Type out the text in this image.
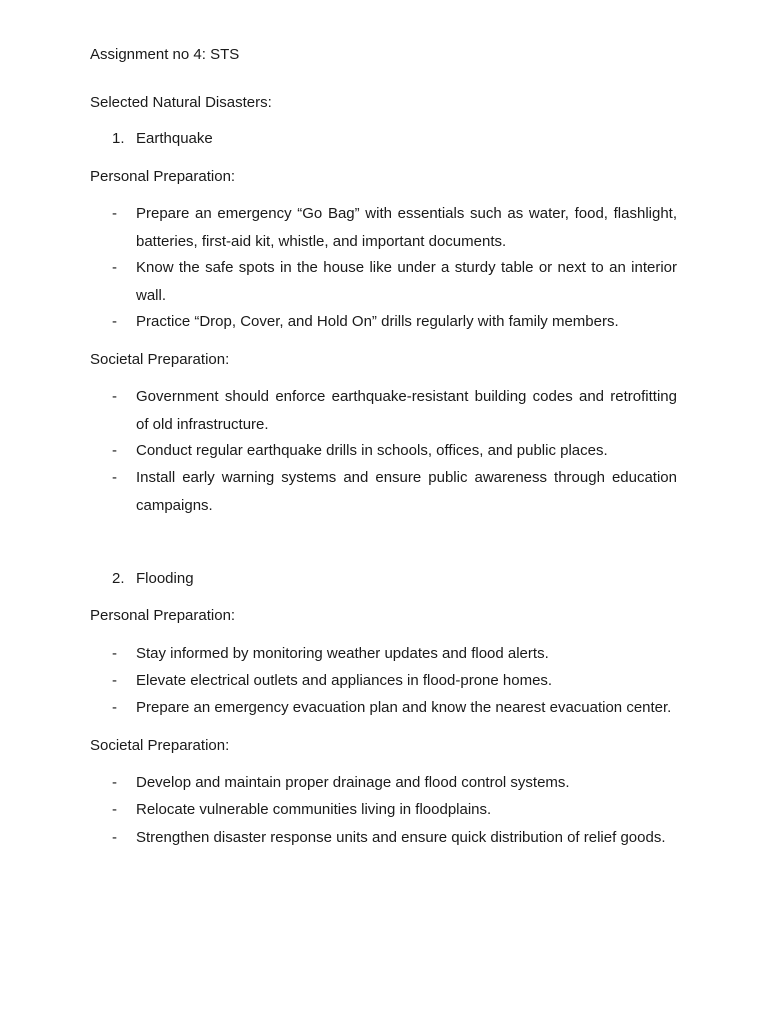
Assignment no 4: STS
Selected Natural Disasters:
1. Earthquake
Personal Preparation:
- Prepare an emergency “Go Bag” with essentials such as water, food, flashlight, batteries, first-aid kit, whistle, and important documents.
- Know the safe spots in the house like under a sturdy table or next to an interior wall.
- Practice “Drop, Cover, and Hold On” drills regularly with family members.
Societal Preparation:
- Government should enforce earthquake-resistant building codes and retrofitting of old infrastructure.
- Conduct regular earthquake drills in schools, offices, and public places.
- Install early warning systems and ensure public awareness through education campaigns.
2. Flooding
Personal Preparation:
- Stay informed by monitoring weather updates and flood alerts.
- Elevate electrical outlets and appliances in flood-prone homes.
- Prepare an emergency evacuation plan and know the nearest evacuation center.
Societal Preparation:
- Develop and maintain proper drainage and flood control systems.
- Relocate vulnerable communities living in floodplains.
- Strengthen disaster response units and ensure quick distribution of relief goods.
